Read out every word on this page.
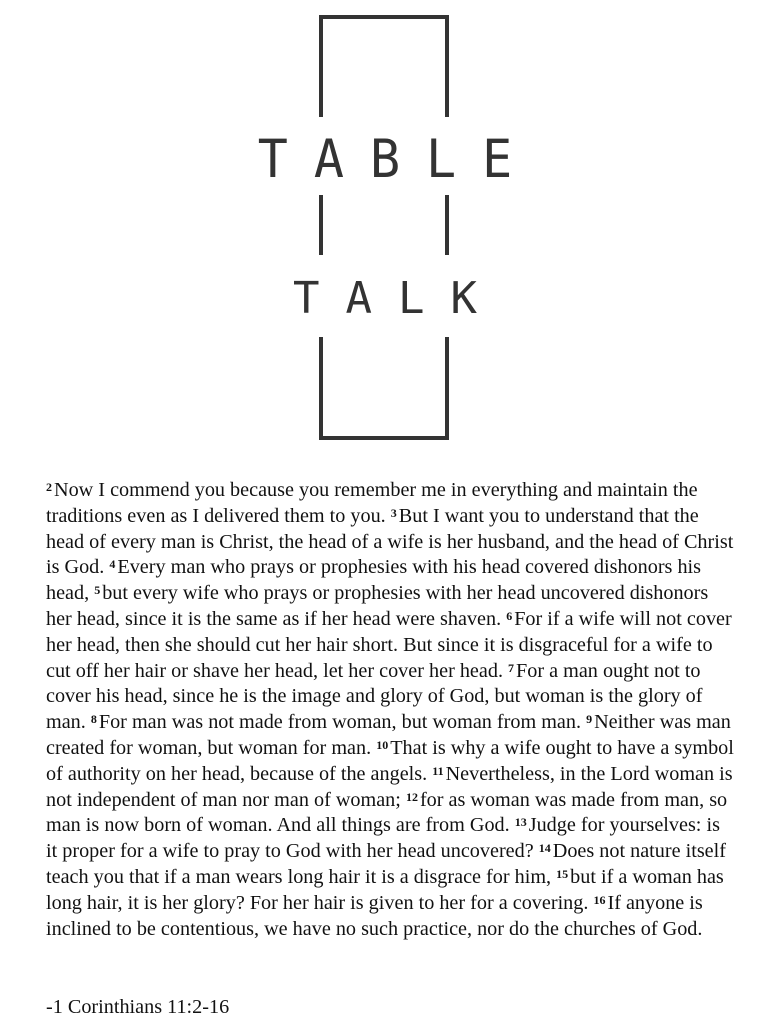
TABLE
TALK

$^2$Now I commend you because you remember me in everything and maintain the traditions even as I delivered them to you. $^3$But I want you to understand that the head of every man is Christ, the head of a wife is her husband, and the head of Christ is God. $^4$Every man who prays or prophesies with his head covered dishonors his head, $^5$but every wife who prays or prophesies with her head uncovered dishonors her head, since it is the same as if her head were shaven. $^6$For if a wife will not cover her head, then she should cut her hair short. But since it is disgraceful for a wife to cut off her hair or shave her head, let her cover her head. $^7$For a man ought not to cover his head, since he is the image and glory of God, but woman is the glory of man. $^8$For man was not made from woman, but woman from man. $^9$Neither was man created for woman, but woman for man. $^{10}$That is why a wife ought to have a symbol of authority on her head, because of the angels. $^{11}$Nevertheless, in the Lord woman is not independent of man nor man of woman; $^{12}$for as woman was made from man, so man is now born of woman. And all things are from God. $^{13}$Judge for yourselves: is it proper for a wife to pray to God with her head uncovered? $^{14}$Does not nature itself teach you that if a man wears long hair it is a disgrace for him, $^{15}$but if a woman has long hair, it is her glory? For her hair is given to her for a covering. $^{16}$If anyone is inclined to be contentious, we have no such practice, nor do the churches of God.

-1 Corinthians 11:2-16
